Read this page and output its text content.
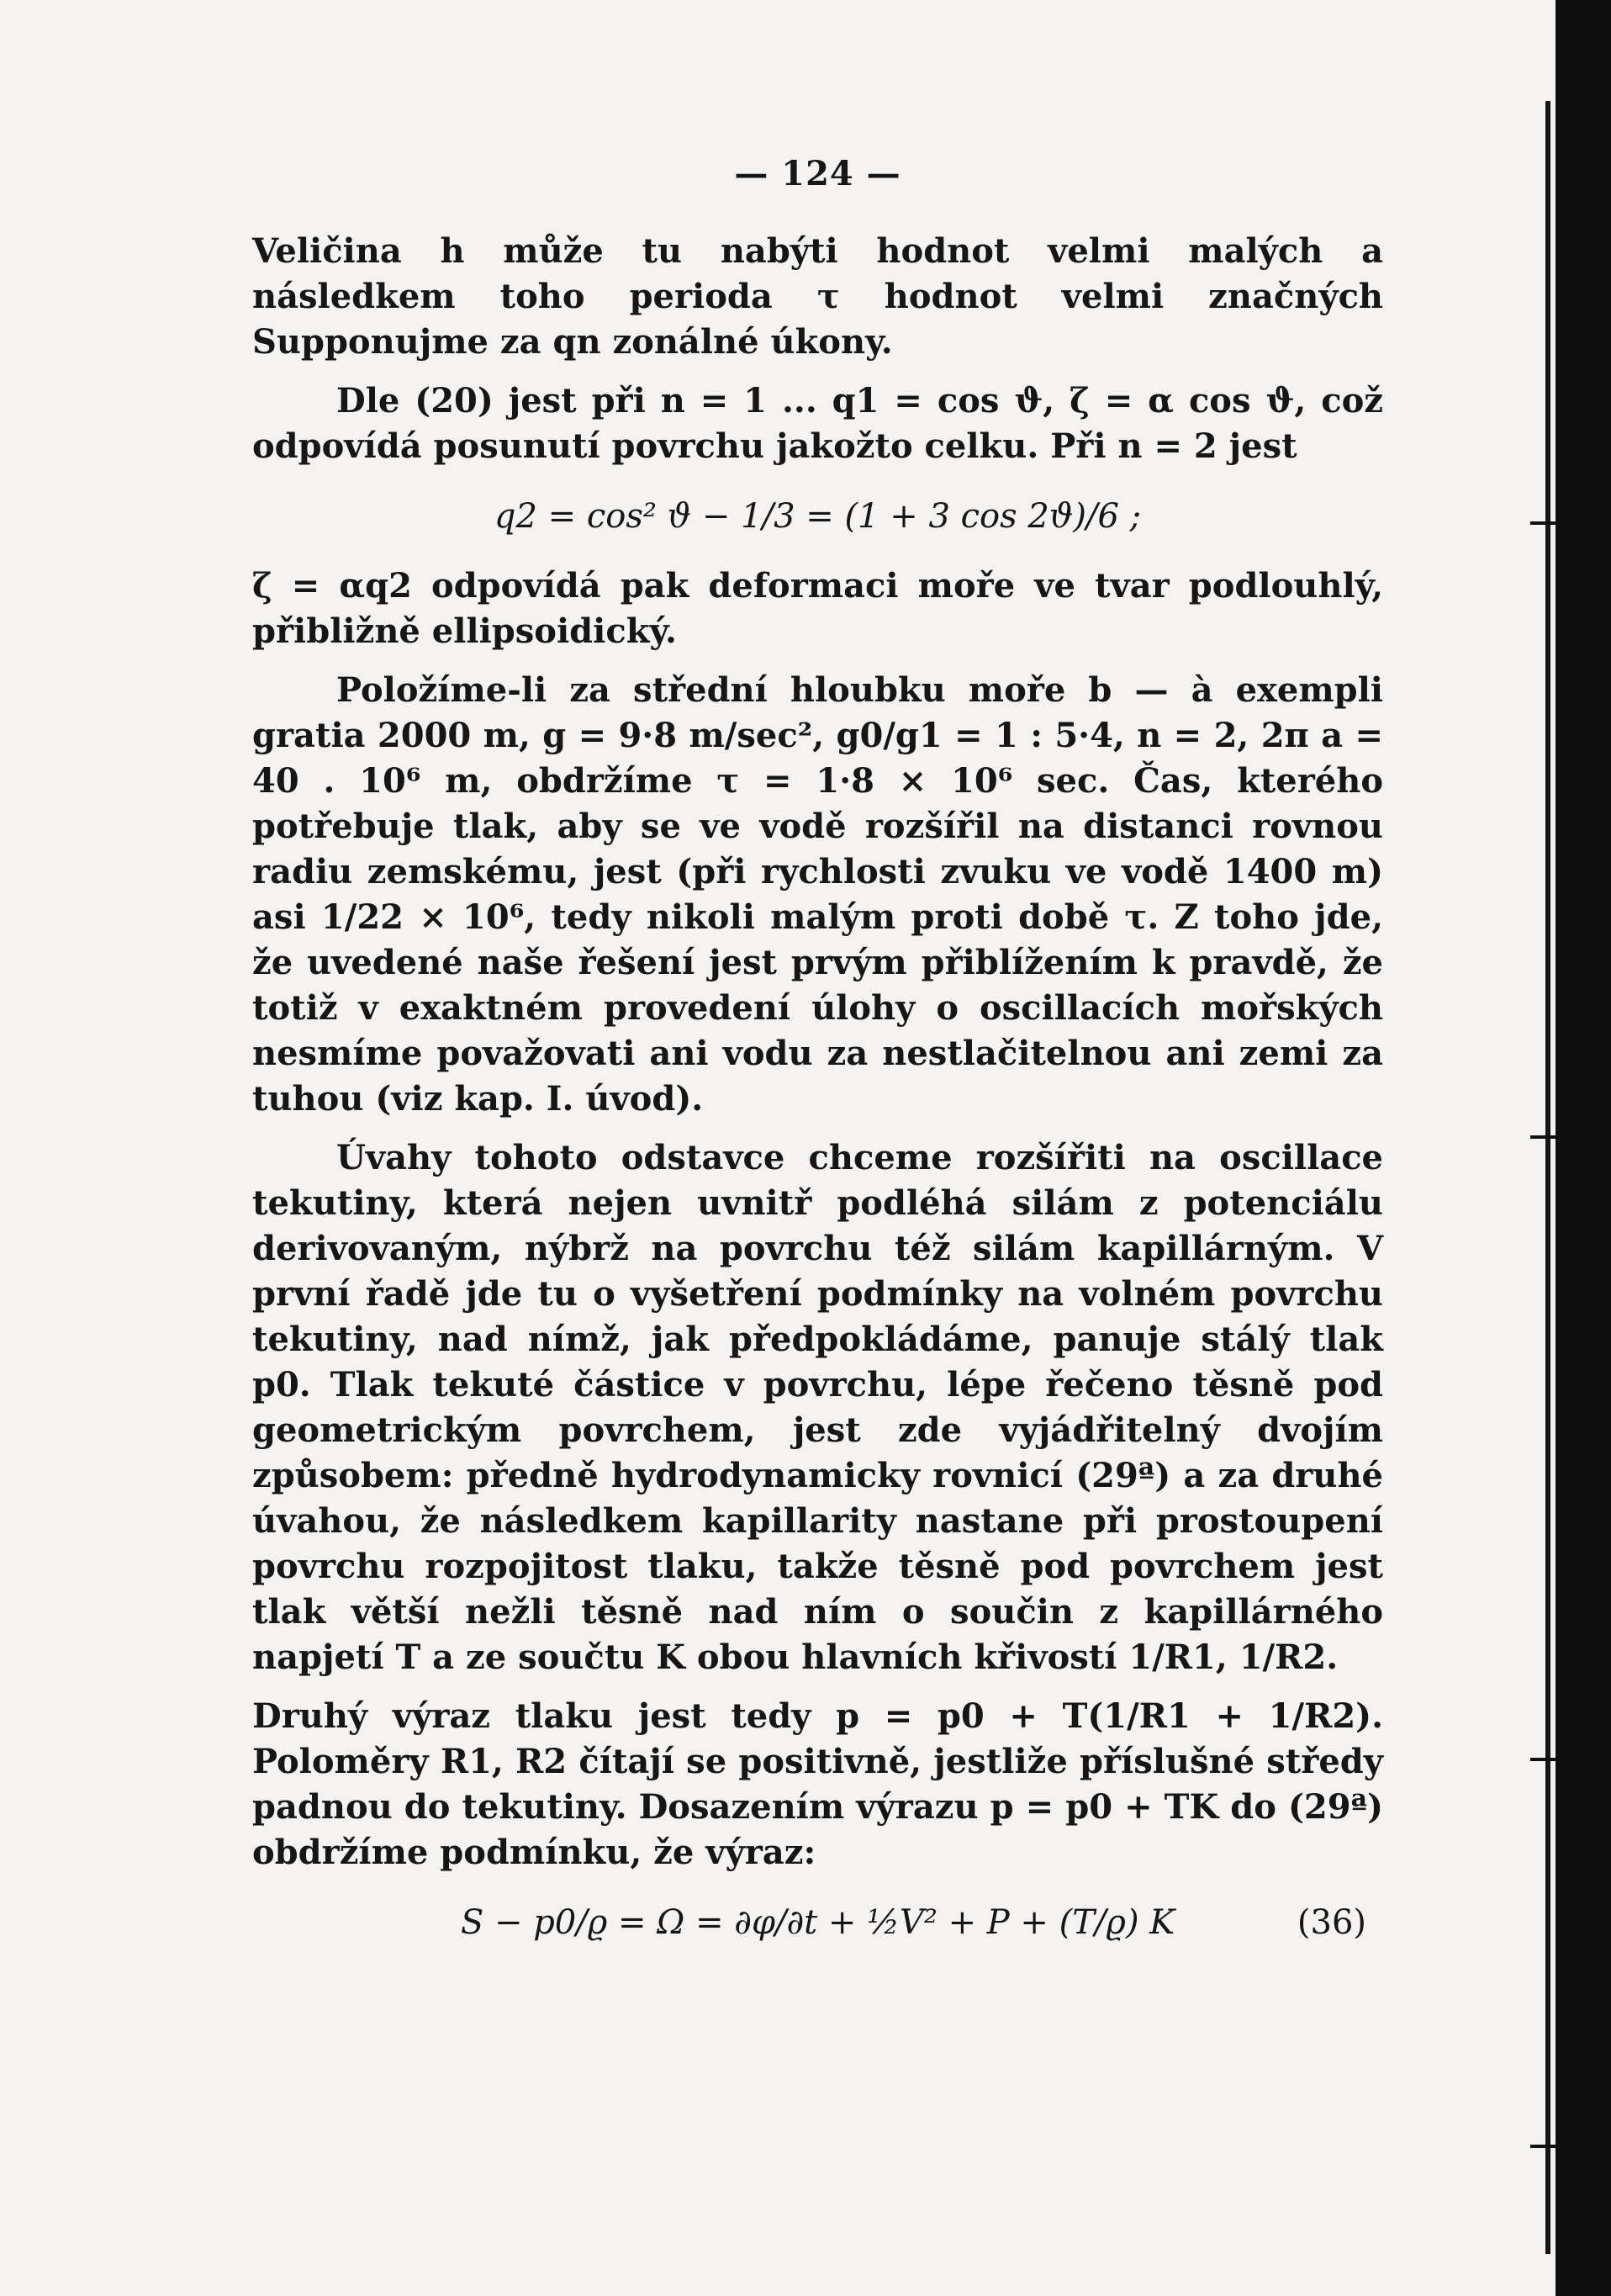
— 124 —

Veličina h může tu nabýti hodnot velmi malých a následkem toho perioda τ hodnot velmi značných Supponujme za qn zonálné úkony.

Dle (20) jest při n = 1 ... q1 = cos ϑ, ζ = α cos ϑ, což odpovídá posunutí povrchu jakožto celku. Při n = 2 jest

q2 = cos² ϑ − 1/3 = (1 + 3 cos 2ϑ)/6 ;

ζ = αq2 odpovídá pak deformaci moře ve tvar podlouhlý, přibližně ellipsoidický.

Položíme-li za střední hloubku moře b — à exempli gratia 2000 m, g = 9·8 m/sec², g0/g1 = 1 : 5·4, n = 2, 2π a = 40 . 10⁶ m, obdržíme τ = 1·8 × 10⁶ sec. Čas, kterého potřebuje tlak, aby se ve vodě rozšířil na distanci rovnou radiu zemskému, jest (při rychlosti zvuku ve vodě 1400 m) asi 1/22 × 10⁶, tedy nikoli malým proti době τ. Z toho jde, že uvedené naše řešení jest prvým přiblížením k pravdě, že totiž v exaktném provedení úlohy o oscillacích mořských nesmíme považovati ani vodu za nestlačitelnou ani zemi za tuhou (viz kap. I. úvod).

Úvahy tohoto odstavce chceme rozšířiti na oscillace tekutiny, která nejen uvnitř podléhá silám z potenciálu derivovaným, nýbrž na povrchu též silám kapillárným. V první řadě jde tu o vyšetření podmínky na volném povrchu tekutiny, nad nímž, jak předpokládáme, panuje stálý tlak p0. Tlak tekuté částice v povrchu, lépe řečeno těsně pod geometrickým povrchem, jest zde vyjádřitelný dvojím způsobem: předně hydrodynamicky rovnicí (29ª) a za druhé úvahou, že následkem kapillarity nastane při prostoupení povrchu rozpojitost tlaku, takže těsně pod povrchem jest tlak větší nežli těsně nad ním o součin z kapillárného napjetí T a ze součtu K obou hlavních křivostí 1/R1, 1/R2.

Druhý výraz tlaku jest tedy p = p0 + T(1/R1 + 1/R2). Poloměry R1, R2 čítají se positivně, jestliže příslušné středy padnou do tekutiny. Dosazením výrazu p = p0 + TK do (29ª) obdržíme podmínku, že výraz:

S − p0/ϱ = Ω = ∂φ/∂t + ½V² + P + (T/ϱ) K	(36)
